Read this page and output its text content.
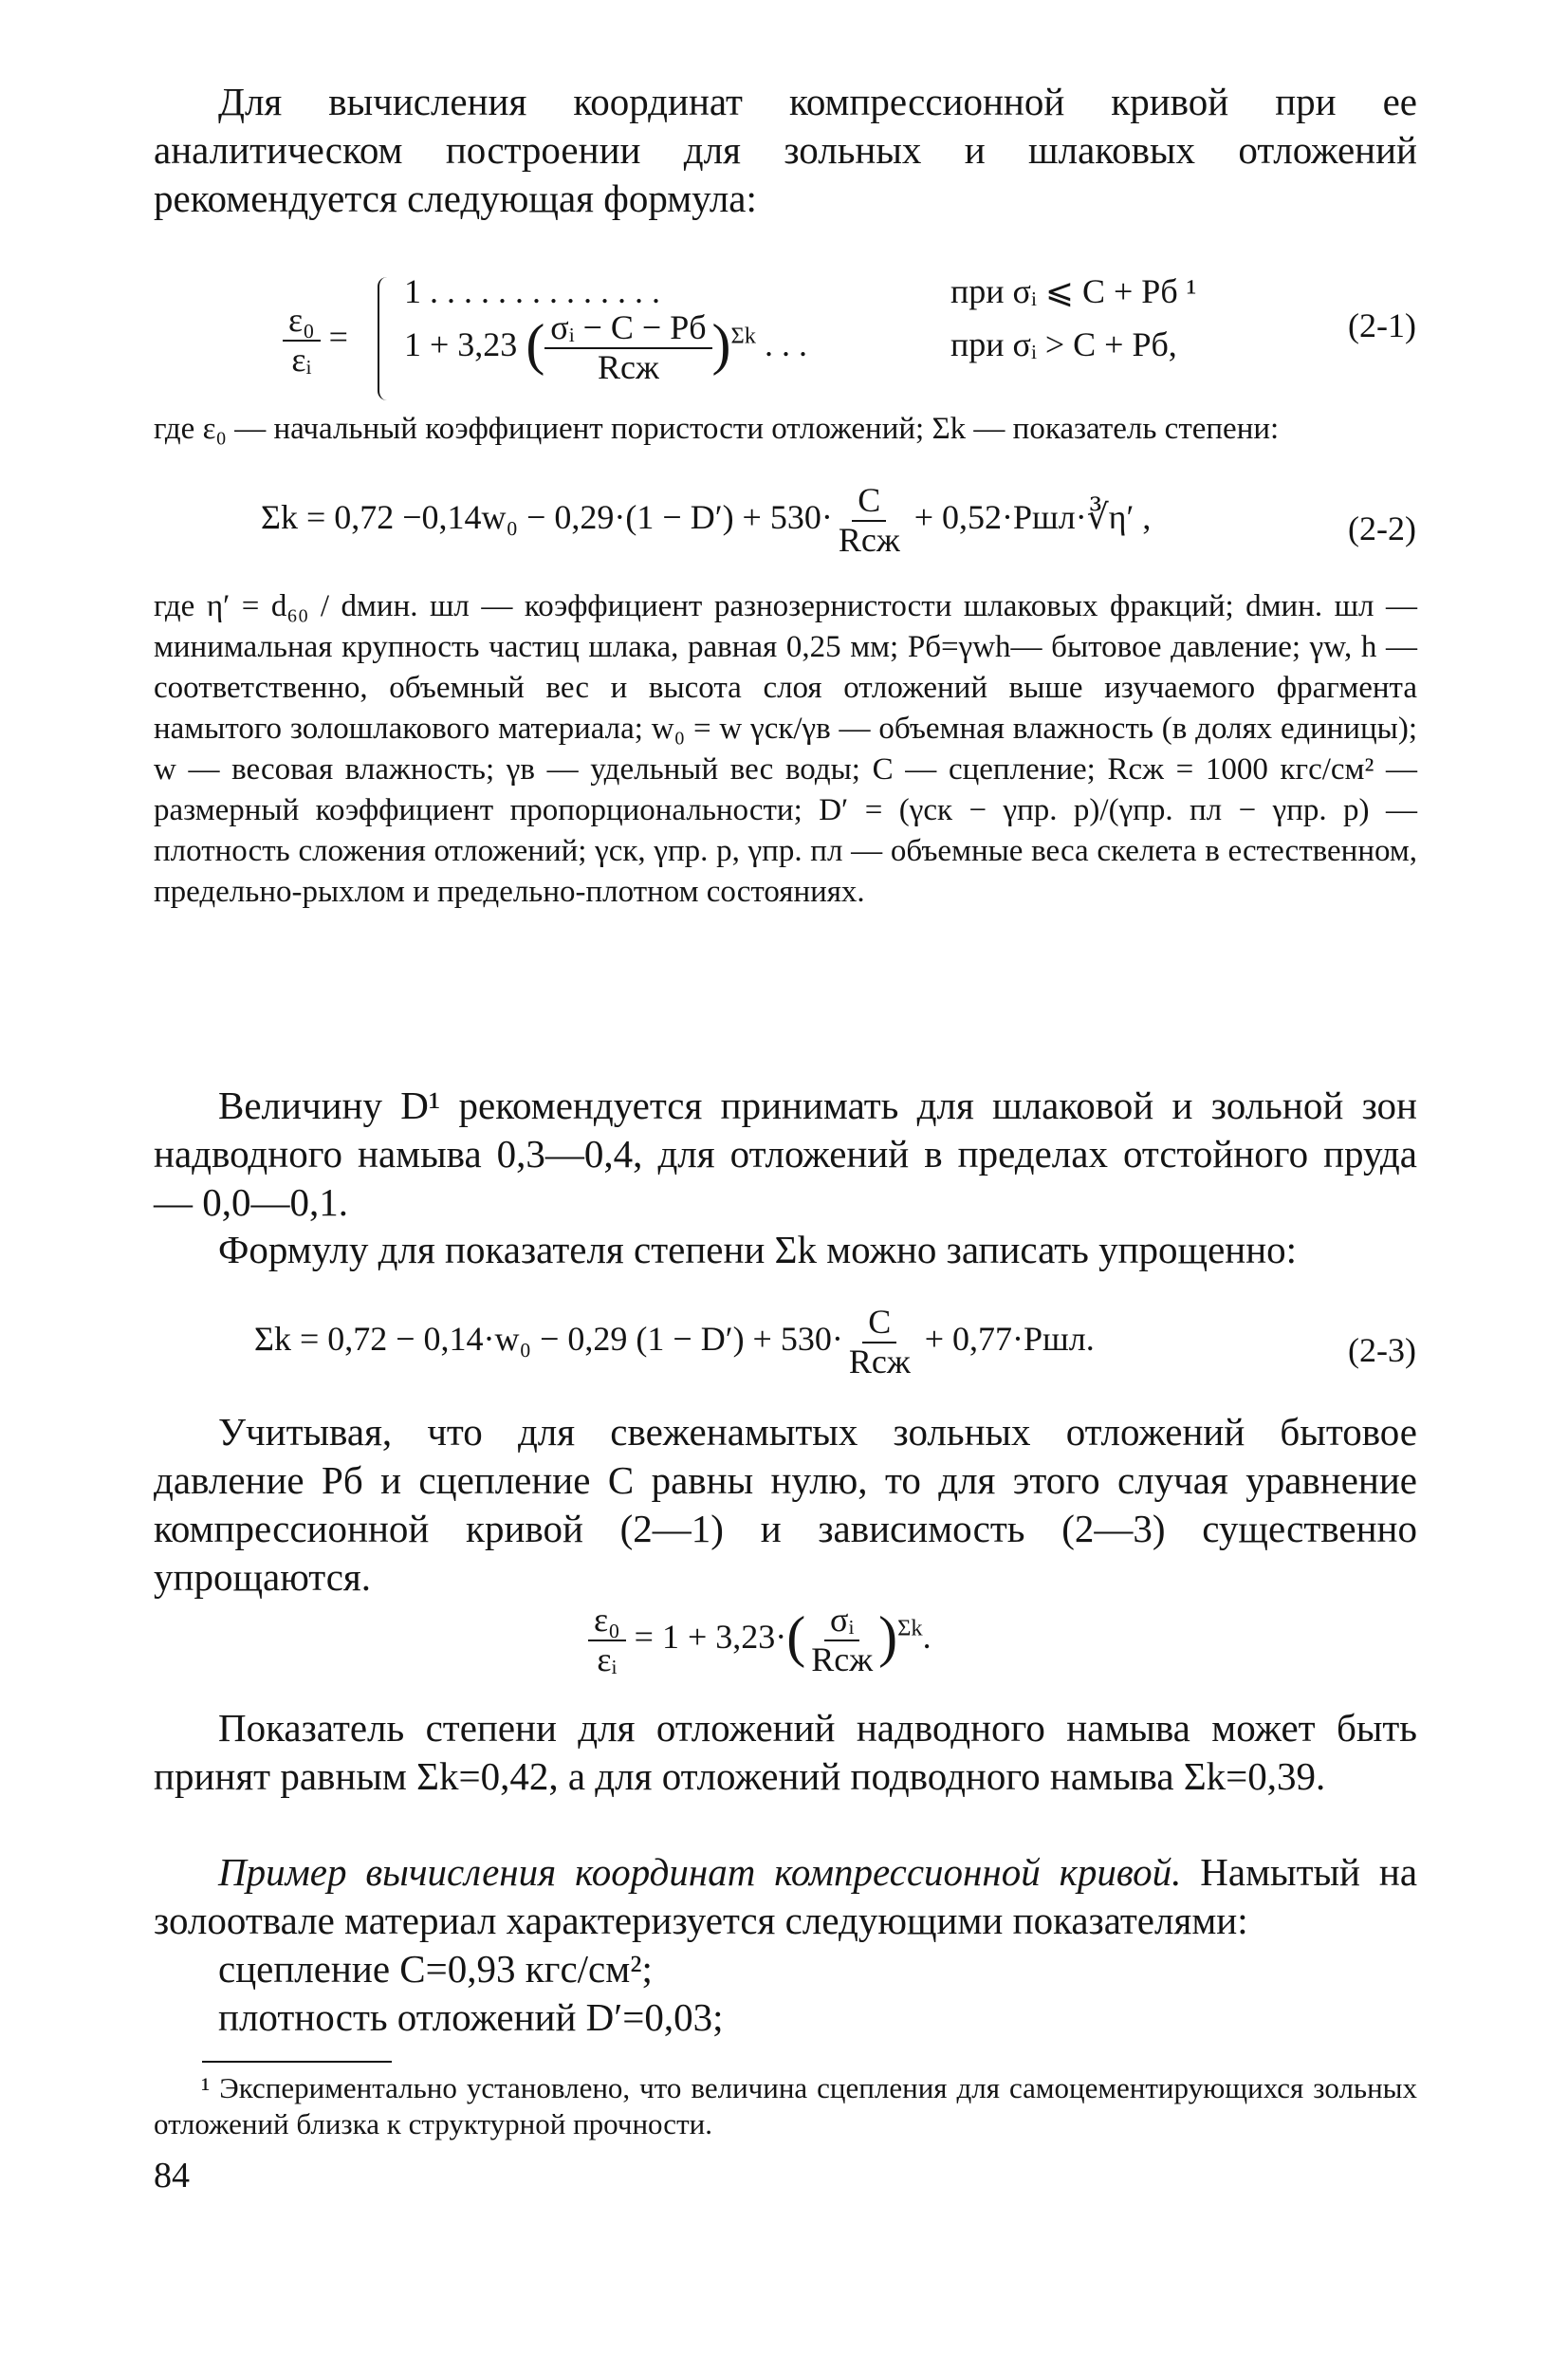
Для вычисления координат компрессионной кривой при ее аналитическом построении для зольных и шлаковых отложений рекомендуется следующая формула:

$\frac{\text{ε₀}}{\text{εᵢ}}$ =
1 . . . . . . . . . . . . . .	при σᵢ ⩽ C + Pб ¹
1 + 3,23 ( $\frac{\text{σᵢ − C − Pб}}{\text{Rсж}} )^{\Sigma k}$ . . .	при σᵢ > C + Pб,	(2-1)

где ε₀ — начальный коэффициент пористости отложений; Σk — показатель степени:

$\Sigma k = 0,72 -0,14w_0 - 0,29\cdot(1 - D') + 530\cdot \frac{C}{\text{Rсж}}$ + 0,52·Pшл·∛η′ ,	(2-2)

где η′ = d₆₀ / dмин. шл — коэффициент разнозернистости шлаковых фракций; dмин. шл — минимальная крупность частиц шлака, равная 0,25 мм; Pб=γwh— бытовое давление; γw, h — соответственно, объемный вес и высота слоя отложений выше изучаемого фрагмента намытого золошлакового материала; w₀ = w γск/γв — объемная влажность (в долях единицы); w — весовая влажность; γв — удельный вес воды; C — сцепление; Rсж = 1000 кгс/см² — размерный коэффициент пропорциональности; D′ = (γск − γпр. р)/(γпр. пл − γпр. р) — плотность сложения отложений; γск, γпр. р, γпр. пл — объемные веса скелета в естественном, предельно-рыхлом и предельно-плотном состояниях.

Величину D¹ рекомендуется принимать для шлаковой и зольной зон надводного намыва 0,3—0,4, для отложений в пределах отстойного пруда — 0,0—0,1.

Формулу для показателя степени Σk можно записать упрощенно:

Σk = 0,72 − 0,14·w₀ − 0,29 $(1 - D') + 530\cdot \frac{C}{\text{Rсж}} + 0,77\cdot Pшл$.	(2-3)

Учитывая, что для свеженамытых зольных отложений бытовое давление Pб и сцепление C равны нулю, то для этого случая уравнение компрессионной кривой (2—1) и зависимость (2—3) существенно упрощаются.

$\frac{\text{ε₀}}{\text{εᵢ}} = 1 + 3,23\cdot( \frac{\text{σᵢ}}{\text{Rсж}} )^{\Sigma k}$.

Показатель степени для отложений надводного намыва может быть принят равным Σk=0,42, а для отложений подводного намыва Σk=0,39.

Пример вычисления координат компрессионной кривой. Намытый на золоотвале материал характеризуется следующими показателями:

¹ Экспериментально установлено, что величина сцепления для самоцементирующихся зольных отложений близка к структурной прочности.

84
сцепление C=0,93 кгс/см²;
плотность отложений D′=0,03;
